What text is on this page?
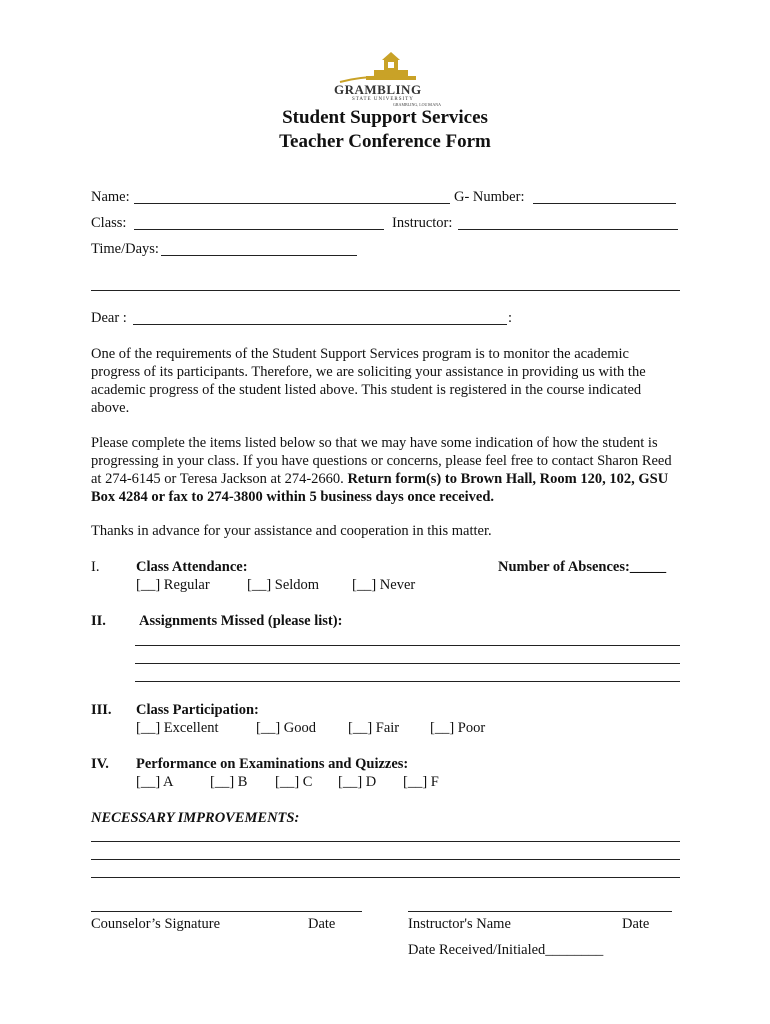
GRAMBLING
STATE UNIVERSITY
GRAMBLING, LOUISIANA
Student Support Services
Teacher Conference Form
Name:	G- Number:
Class:	Instructor:
Time/Days:
Dear :	:
One of the requirements of the Student Support Services program is to monitor the academic progress of its participants. Therefore, we are soliciting your assistance in providing us with the academic progress of the student listed above. This student is registered in the course indicated above.
Please complete the items listed below so that we may have some indication of how the student is progressing in your class. If you have questions or concerns, please feel free to contact Sharon Reed at 274-6145 or Teresa Jackson at 274-2660. Return form(s) to Brown Hall, Room 120, 102, GSU Box 4284 or fax to 274-3800 within 5 business days once received.
Thanks in advance for your assistance and cooperation in this matter.
I.	Class Attendance:	Number of Absences:_____
[__] Regular	[__] Seldom [__] Never
II. Assignments Missed (please list):
III. Class Participation:
[__] Excellent	[__] Good [__] Fair [__] Poor
IV. Performance on Examinations and Quizzes:
[__] A	[__] B [__] C [__] D [__] F
NECESSARY IMPROVEMENTS:
Counselor’s Signature	Date	Instructor's Name	Date
Date Received/Initialed________
